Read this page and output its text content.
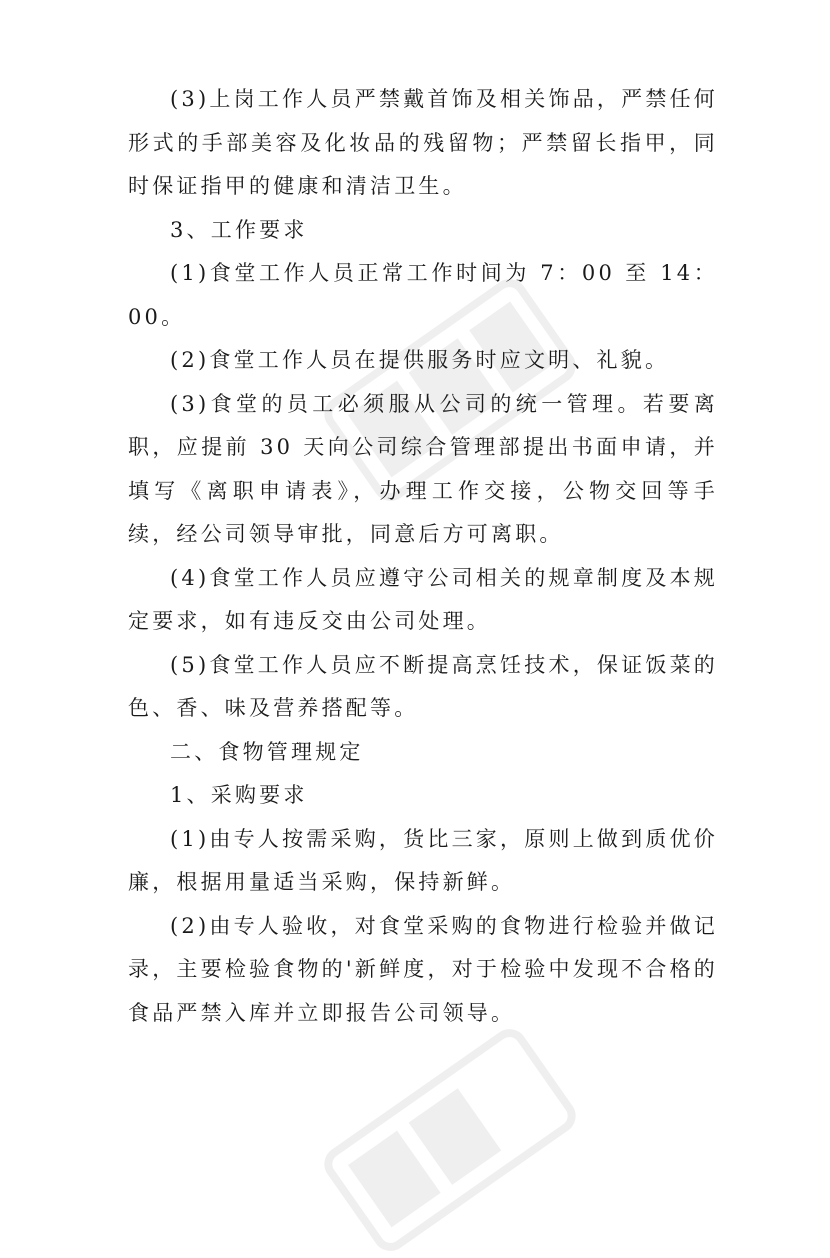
(3)上岗工作人员严禁戴首饰及相关饰品，严禁任何形式的手部美容及化妆品的残留物；严禁留长指甲，同时保证指甲的健康和清洁卫生。

3、工作要求

(1)食堂工作人员正常工作时间为 7：00 至 14：00。

(2)食堂工作人员在提供服务时应文明、礼貌。

(3)食堂的员工必须服从公司的统一管理。若要离职，应提前 30 天向公司综合管理部提出书面申请，并填写《离职申请表》，办理工作交接，公物交回等手续，经公司领导审批，同意后方可离职。

(4)食堂工作人员应遵守公司相关的规章制度及本规定要求，如有违反交由公司处理。

(5)食堂工作人员应不断提高烹饪技术，保证饭菜的色、香、味及营养搭配等。

二、食物管理规定

1、采购要求

(1)由专人按需采购，货比三家，原则上做到质优价廉，根据用量适当采购，保持新鲜。

(2)由专人验收，对食堂采购的食物进行检验并做记录，主要检验食物的'新鲜度，对于检验中发现不合格的食品严禁入库并立即报告公司领导。
